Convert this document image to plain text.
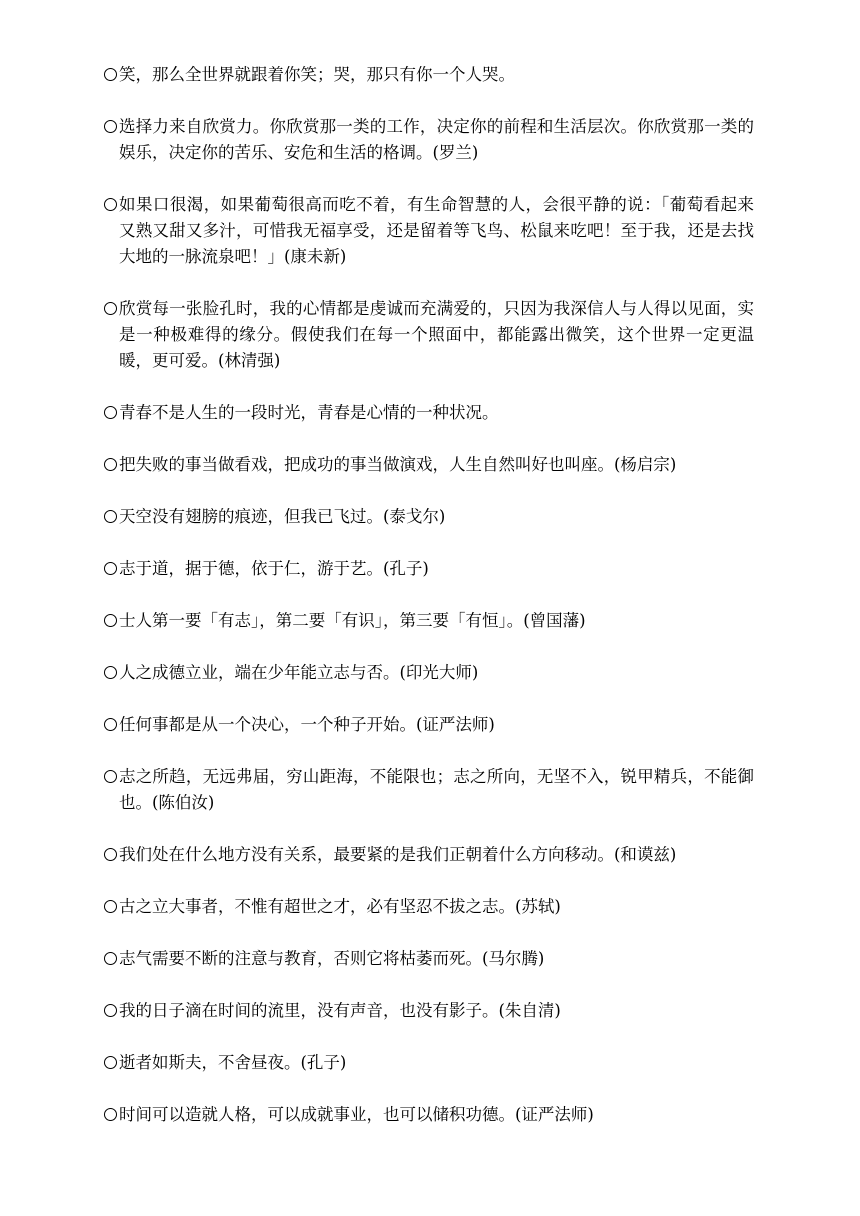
笑，那么全世界就跟着你笑；哭，那只有你一个人哭。
选择力来自欣赏力。你欣赏那一类的工作，决定你的前程和生活层次。你欣赏那一类的娱乐，决定你的苦乐、安危和生活的格调。(罗兰)
如果口很渴，如果葡萄很高而吃不着，有生命智慧的人，会很平静的说：「葡萄看起来又熟又甜又多汁，可惜我无福享受，还是留着等飞鸟、松鼠来吃吧！至于我，还是去找大地的一脉流泉吧！」(康未新)
欣赏每一张脸孔时，我的心情都是虔诚而充满爱的，只因为我深信人与人得以见面，实是一种极难得的缘分。假使我们在每一个照面中，都能露出微笑，这个世界一定更温暖，更可爱。(林清强)
青春不是人生的一段时光，青春是心情的一种状况。
把失败的事当做看戏，把成功的事当做演戏，人生自然叫好也叫座。(杨启宗)
天空没有翅膀的痕迹，但我已飞过。(泰戈尔)
志于道，据于德，依于仁，游于艺。(孔子)
士人第一要「有志」，第二要「有识」，第三要「有恒」。(曾国藩)
人之成德立业，端在少年能立志与否。(印光大师)
任何事都是从一个决心，一个种子开始。(证严法师)
志之所趋，无远弗届，穷山距海，不能限也；志之所向，无坚不入，锐甲精兵，不能御也。(陈伯汝)
我们处在什么地方没有关系，最要紧的是我们正朝着什么方向移动。(和谟兹)
古之立大事者，不惟有超世之才，必有坚忍不拔之志。(苏轼)
志气需要不断的注意与教育，否则它将枯萎而死。(马尔腾)
我的日子滴在时间的流里，没有声音，也没有影子。(朱自清)
逝者如斯夫，不舍昼夜。(孔子)
时间可以造就人格，可以成就事业，也可以储积功德。(证严法师)
